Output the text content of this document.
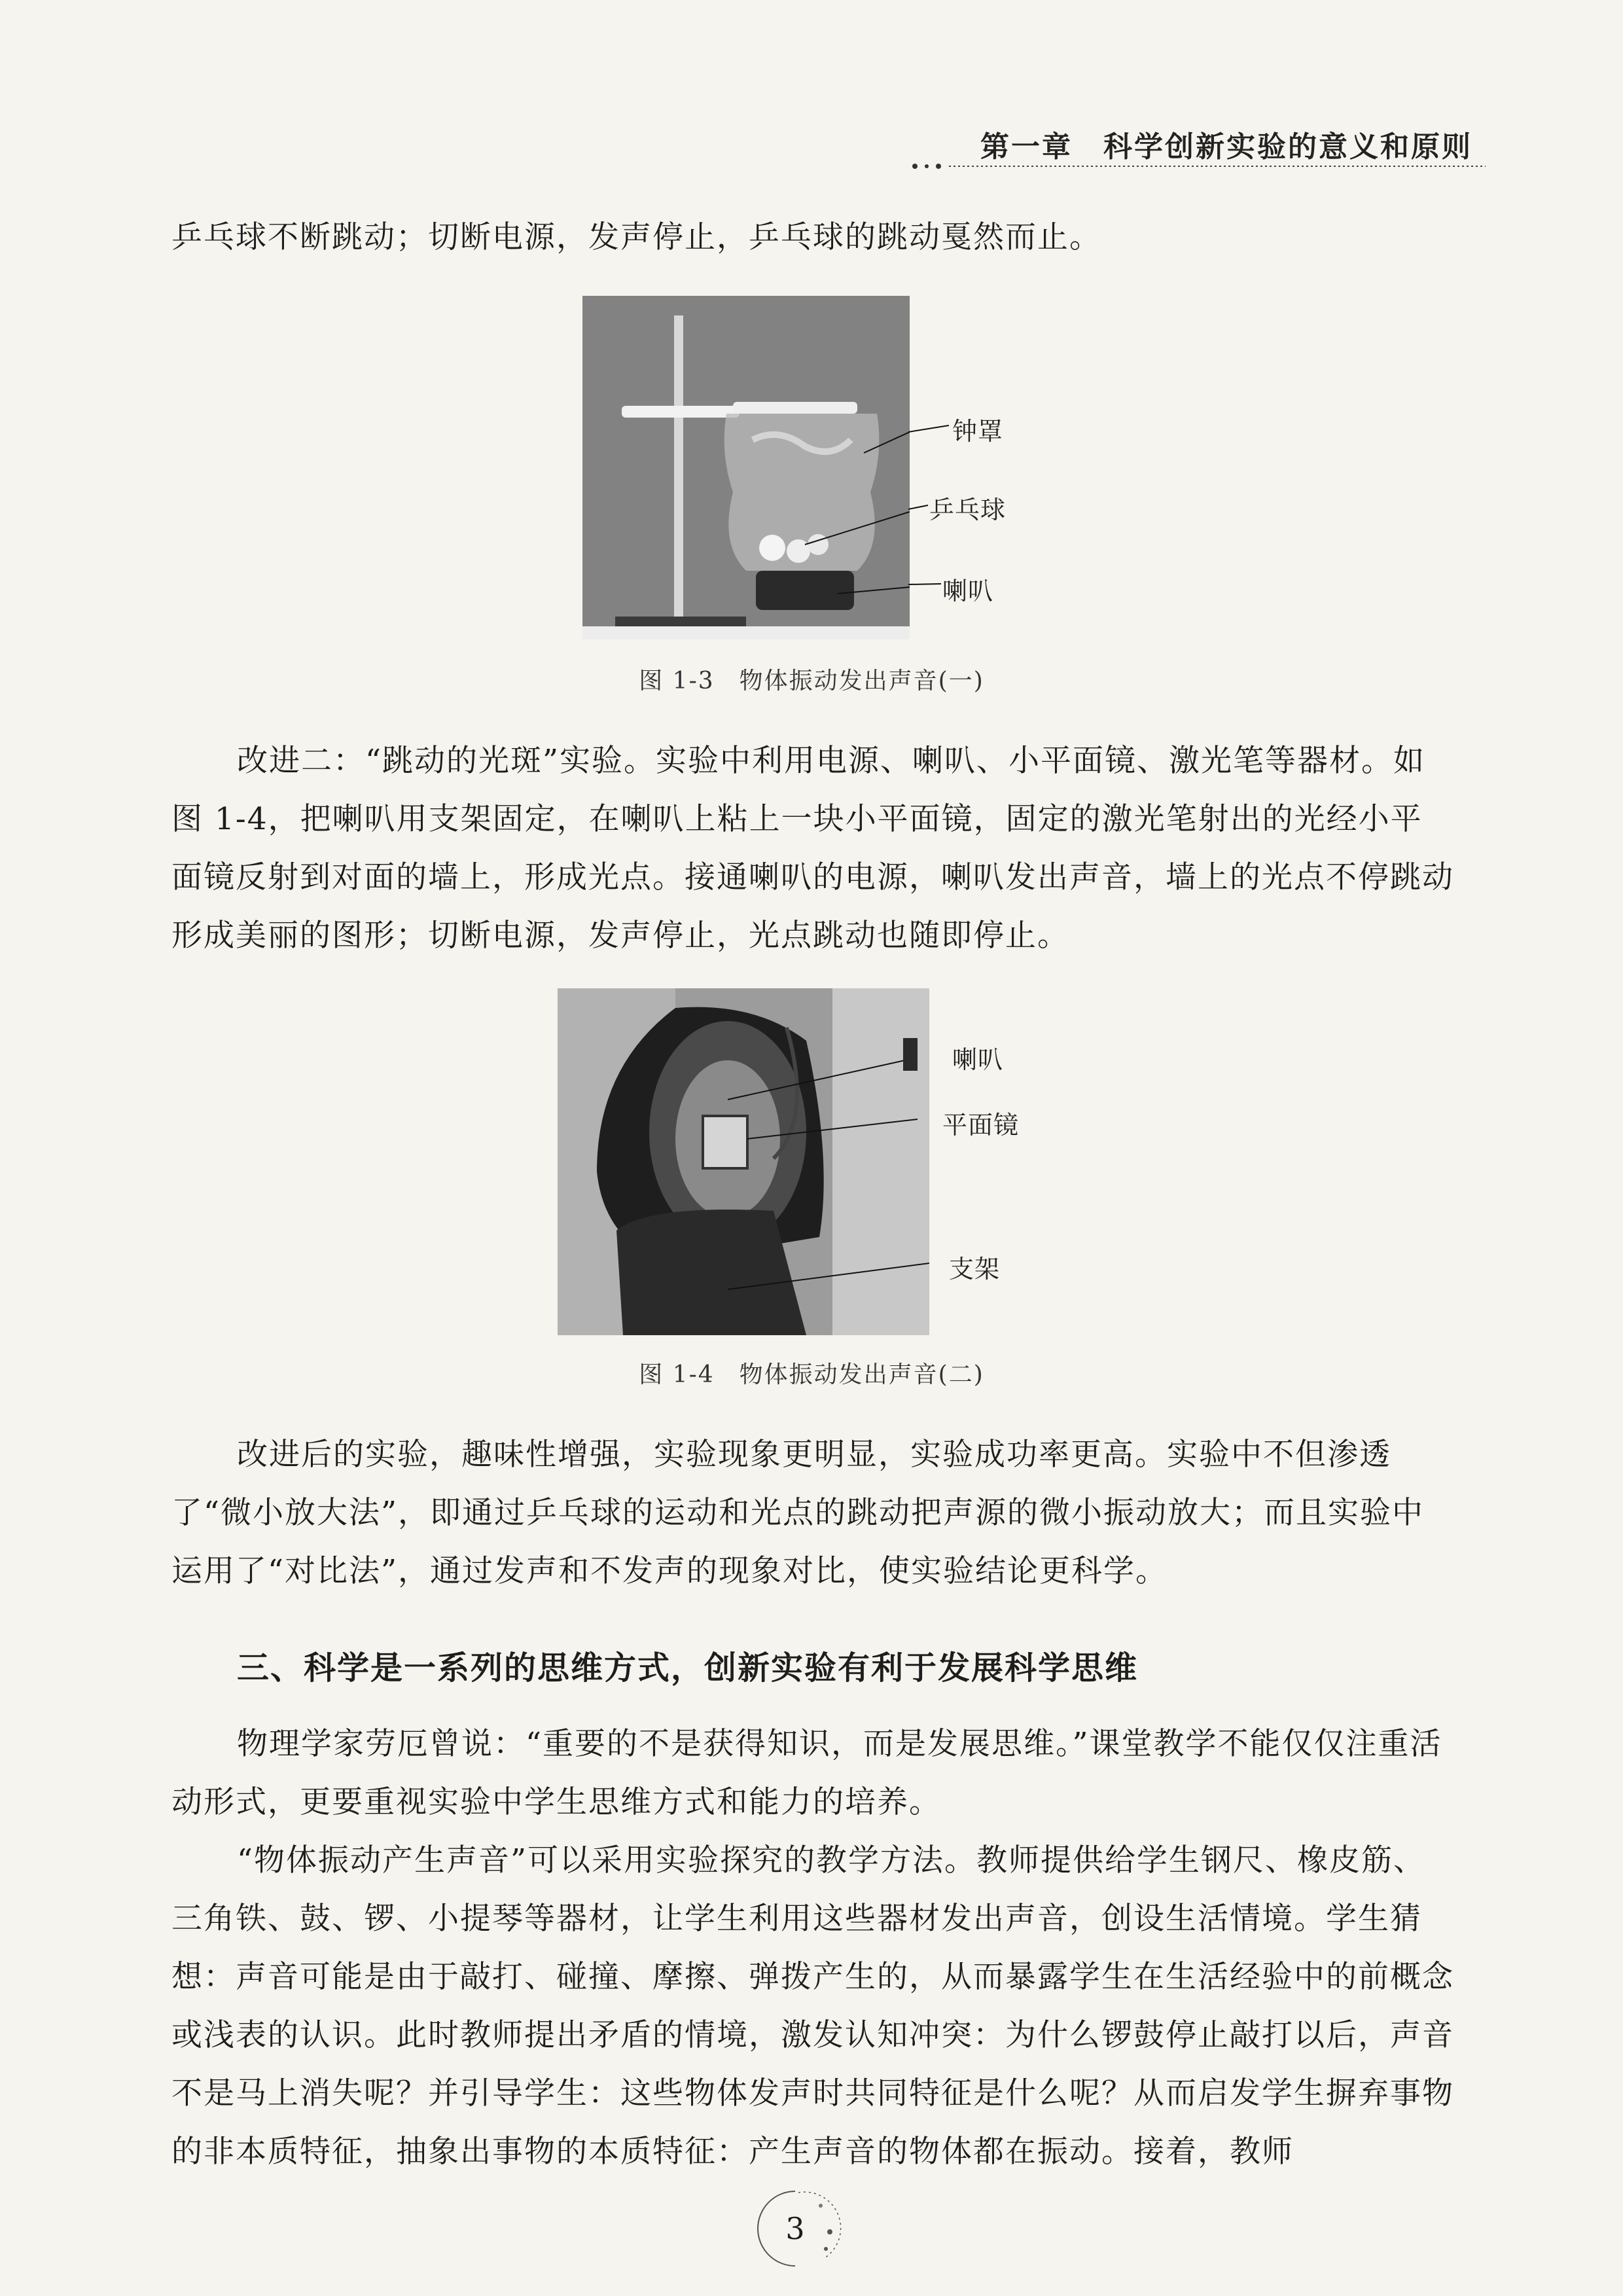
第一章　科学创新实验的意义和原则

乒乓球不断跳动；切断电源，发声停止，乒乓球的跳动戛然而止。

钟罩
乒乓球
喇叭
图 1-3　物体振动发出声音(一)

改进二：“跳动的光斑”实验。实验中利用电源、喇叭、小平面镜、激光笔等器材。如图 1-4，把喇叭用支架固定，在喇叭上粘上一块小平面镜，固定的激光笔射出的光经小平面镜反射到对面的墙上，形成光点。接通喇叭的电源，喇叭发出声音，墙上的光点不停跳动形成美丽的图形；切断电源，发声停止，光点跳动也随即停止。

喇叭
平面镜
支架
图 1-4　物体振动发出声音(二)

改进后的实验，趣味性增强，实验现象更明显，实验成功率更高。实验中不但渗透了“微小放大法”，即通过乒乓球的运动和光点的跳动把声源的微小振动放大；而且实验中运用了“对比法”，通过发声和不发声的现象对比，使实验结论更科学。

三、科学是一系列的思维方式，创新实验有利于发展科学思维

物理学家劳厄曾说：“重要的不是获得知识，而是发展思维。”课堂教学不能仅仅注重活动形式，更要重视实验中学生思维方式和能力的培养。

“物体振动产生声音”可以采用实验探究的教学方法。教师提供给学生钢尺、橡皮筋、三角铁、鼓、锣、小提琴等器材，让学生利用这些器材发出声音，创设生活情境。学生猜想：声音可能是由于敲打、碰撞、摩擦、弹拨产生的，从而暴露学生在生活经验中的前概念或浅表的认识。此时教师提出矛盾的情境，激发认知冲突：为什么锣鼓停止敲打以后，声音不是马上消失呢？并引导学生：这些物体发声时共同特征是什么呢？从而启发学生摒弃事物的非本质特征，抽象出事物的本质特征：产生声音的物体都在振动。接着，教师

3
